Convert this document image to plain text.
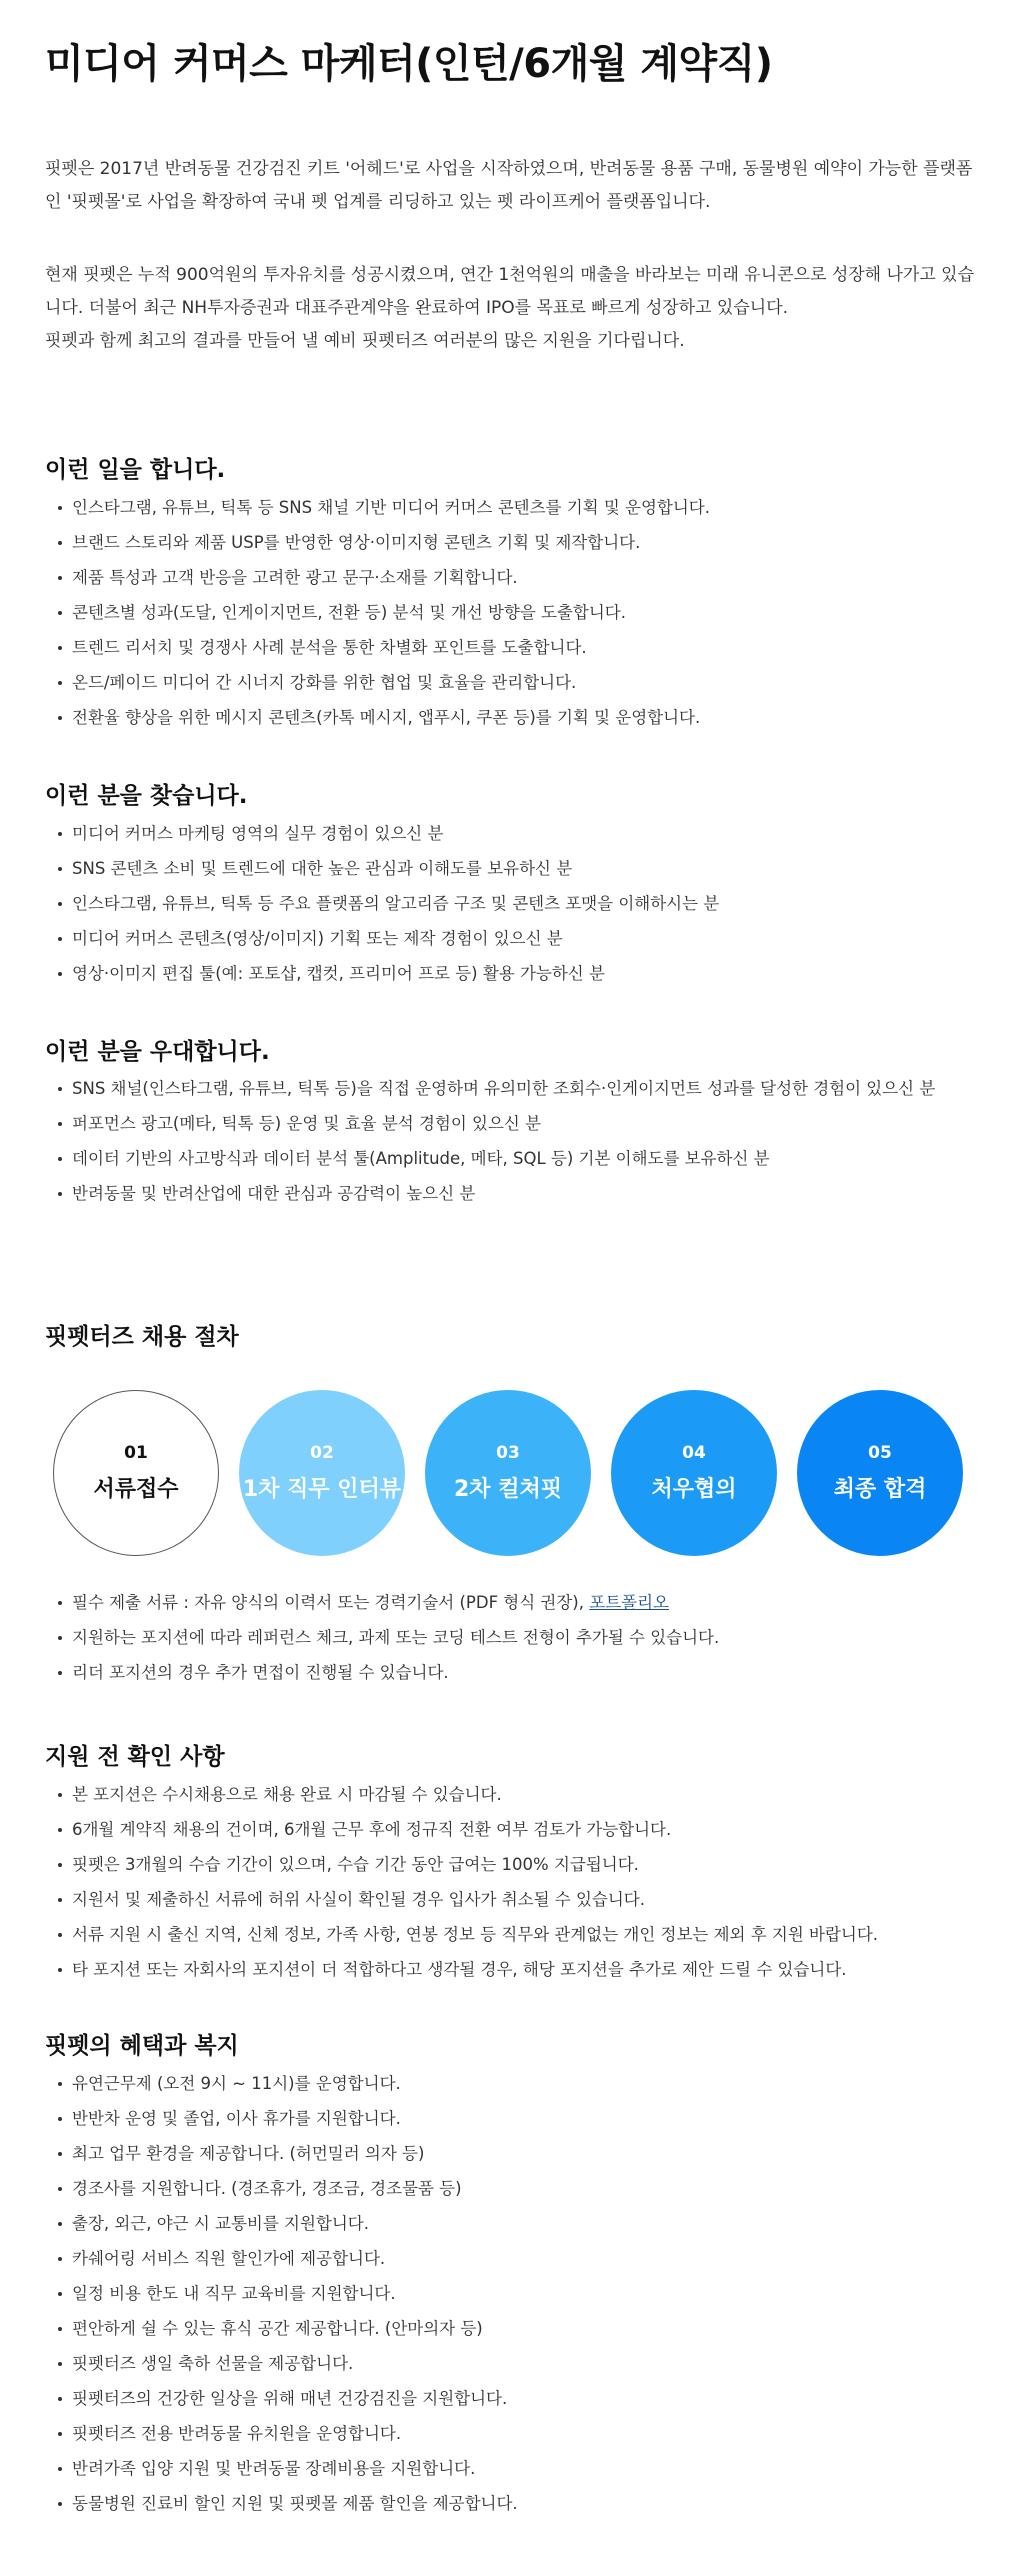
미디어 커머스 마케터(인턴/6개월 계약직)

핏펫은 2017년 반려동물 건강검진 키트 '어헤드'로 사업을 시작하였으며, 반려동물 용품 구매, 동물병원 예약이 가능한 플랫폼인 '핏펫몰'로 사업을 확장하여 국내 펫 업계를 리딩하고 있는 펫 라이프케어 플랫폼입니다.

현재 핏펫은 누적 900억원의 투자유치를 성공시켰으며, 연간 1천억원의 매출을 바라보는 미래 유니콘으로 성장해 나가고 있습니다. 더불어 최근 NH투자증권과 대표주관계약을 완료하여 IPO를 목표로 빠르게 성장하고 있습니다.

핏펫과 함께 최고의 결과를 만들어 낼 예비 핏펫터즈 여러분의 많은 지원을 기다립니다.

이런 일을 합니다.
인스타그램, 유튜브, 틱톡 등 SNS 채널 기반 미디어 커머스 콘텐츠를 기획 및 운영합니다.
브랜드 스토리와 제품 USP를 반영한 영상·이미지형 콘텐츠 기획 및 제작합니다.
제품 특성과 고객 반응을 고려한 광고 문구·소재를 기획합니다.
콘텐츠별 성과(도달, 인게이지먼트, 전환 등) 분석 및 개선 방향을 도출합니다.
트렌드 리서치 및 경쟁사 사례 분석을 통한 차별화 포인트를 도출합니다.
온드/페이드 미디어 간 시너지 강화를 위한 협업 및 효율을 관리합니다.
전환율 향상을 위한 메시지 콘텐츠(카톡 메시지, 앱푸시, 쿠폰 등)를 기획 및 운영합니다.
이런 분을 찾습니다.
미디어 커머스 마케팅 영역의 실무 경험이 있으신 분
SNS 콘텐츠 소비 및 트렌드에 대한 높은 관심과 이해도를 보유하신 분
인스타그램, 유튜브, 틱톡 등 주요 플랫폼의 알고리즘 구조 및 콘텐츠 포맷을 이해하시는 분
미디어 커머스 콘텐츠(영상/이미지) 기획 또는 제작 경험이 있으신 분
영상·이미지 편집 툴(예: 포토샵, 캡컷, 프리미어 프로 등) 활용 가능하신 분
이런 분을 우대합니다.
SNS 채널(인스타그램, 유튜브, 틱톡 등)을 직접 운영하며 유의미한 조회수·인게이지먼트 성과를 달성한 경험이 있으신 분
퍼포먼스 광고(메타, 틱톡 등) 운영 및 효율 분석 경험이 있으신 분
데이터 기반의 사고방식과 데이터 분석 툴(Amplitude, 메타, SQL 등) 기본 이해도를 보유하신 분
반려동물 및 반려산업에 대한 관심과 공감력이 높으신 분
핏펫터즈 채용 절차
01
서류접수
02
1차 직무 인터뷰
03
2차 컬쳐핏
04
처우협의
05
최종 합격
필수 제출 서류 : 자유 양식의 이력서 또는 경력기술서 (PDF 형식 권장), 포트폴리오
지원하는 포지션에 따라 레퍼런스 체크, 과제 또는 코딩 테스트 전형이 추가될 수 있습니다.
리더 포지션의 경우 추가 면접이 진행될 수 있습니다.
지원 전 확인 사항
본 포지션은 수시채용으로 채용 완료 시 마감될 수 있습니다.
6개월 계약직 채용의 건이며, 6개월 근무 후에 정규직 전환 여부 검토가 가능합니다.
핏펫은 3개월의 수습 기간이 있으며, 수습 기간 동안 급여는 100% 지급됩니다.
지원서 및 제출하신 서류에 허위 사실이 확인될 경우 입사가 취소될 수 있습니다.
서류 지원 시 출신 지역, 신체 정보, 가족 사항, 연봉 정보 등 직무와 관계없는 개인 정보는 제외 후 지원 바랍니다.
타 포지션 또는 자회사의 포지션이 더 적합하다고 생각될 경우, 해당 포지션을 추가로 제안 드릴 수 있습니다.
핏펫의 혜택과 복지
유연근무제 (오전 9시 ~ 11시)를 운영합니다.
반반차 운영 및 졸업, 이사 휴가를 지원합니다.
최고 업무 환경을 제공합니다. (허먼밀러 의자 등)
경조사를 지원합니다. (경조휴가, 경조금, 경조물품 등)
출장, 외근, 야근 시 교통비를 지원합니다.
카쉐어링 서비스 직원 할인가에 제공합니다.
일정 비용 한도 내 직무 교육비를 지원합니다.
편안하게 쉴 수 있는 휴식 공간 제공합니다. (안마의자 등)
핏펫터즈 생일 축하 선물을 제공합니다.
핏펫터즈의 건강한 일상을 위해 매년 건강검진을 지원합니다.
핏펫터즈 전용 반려동물 유치원을 운영합니다.
반려가족 입양 지원 및 반려동물 장례비용을 지원합니다.
동물병원 진료비 할인 지원 및 핏펫몰 제품 할인을 제공합니다.
